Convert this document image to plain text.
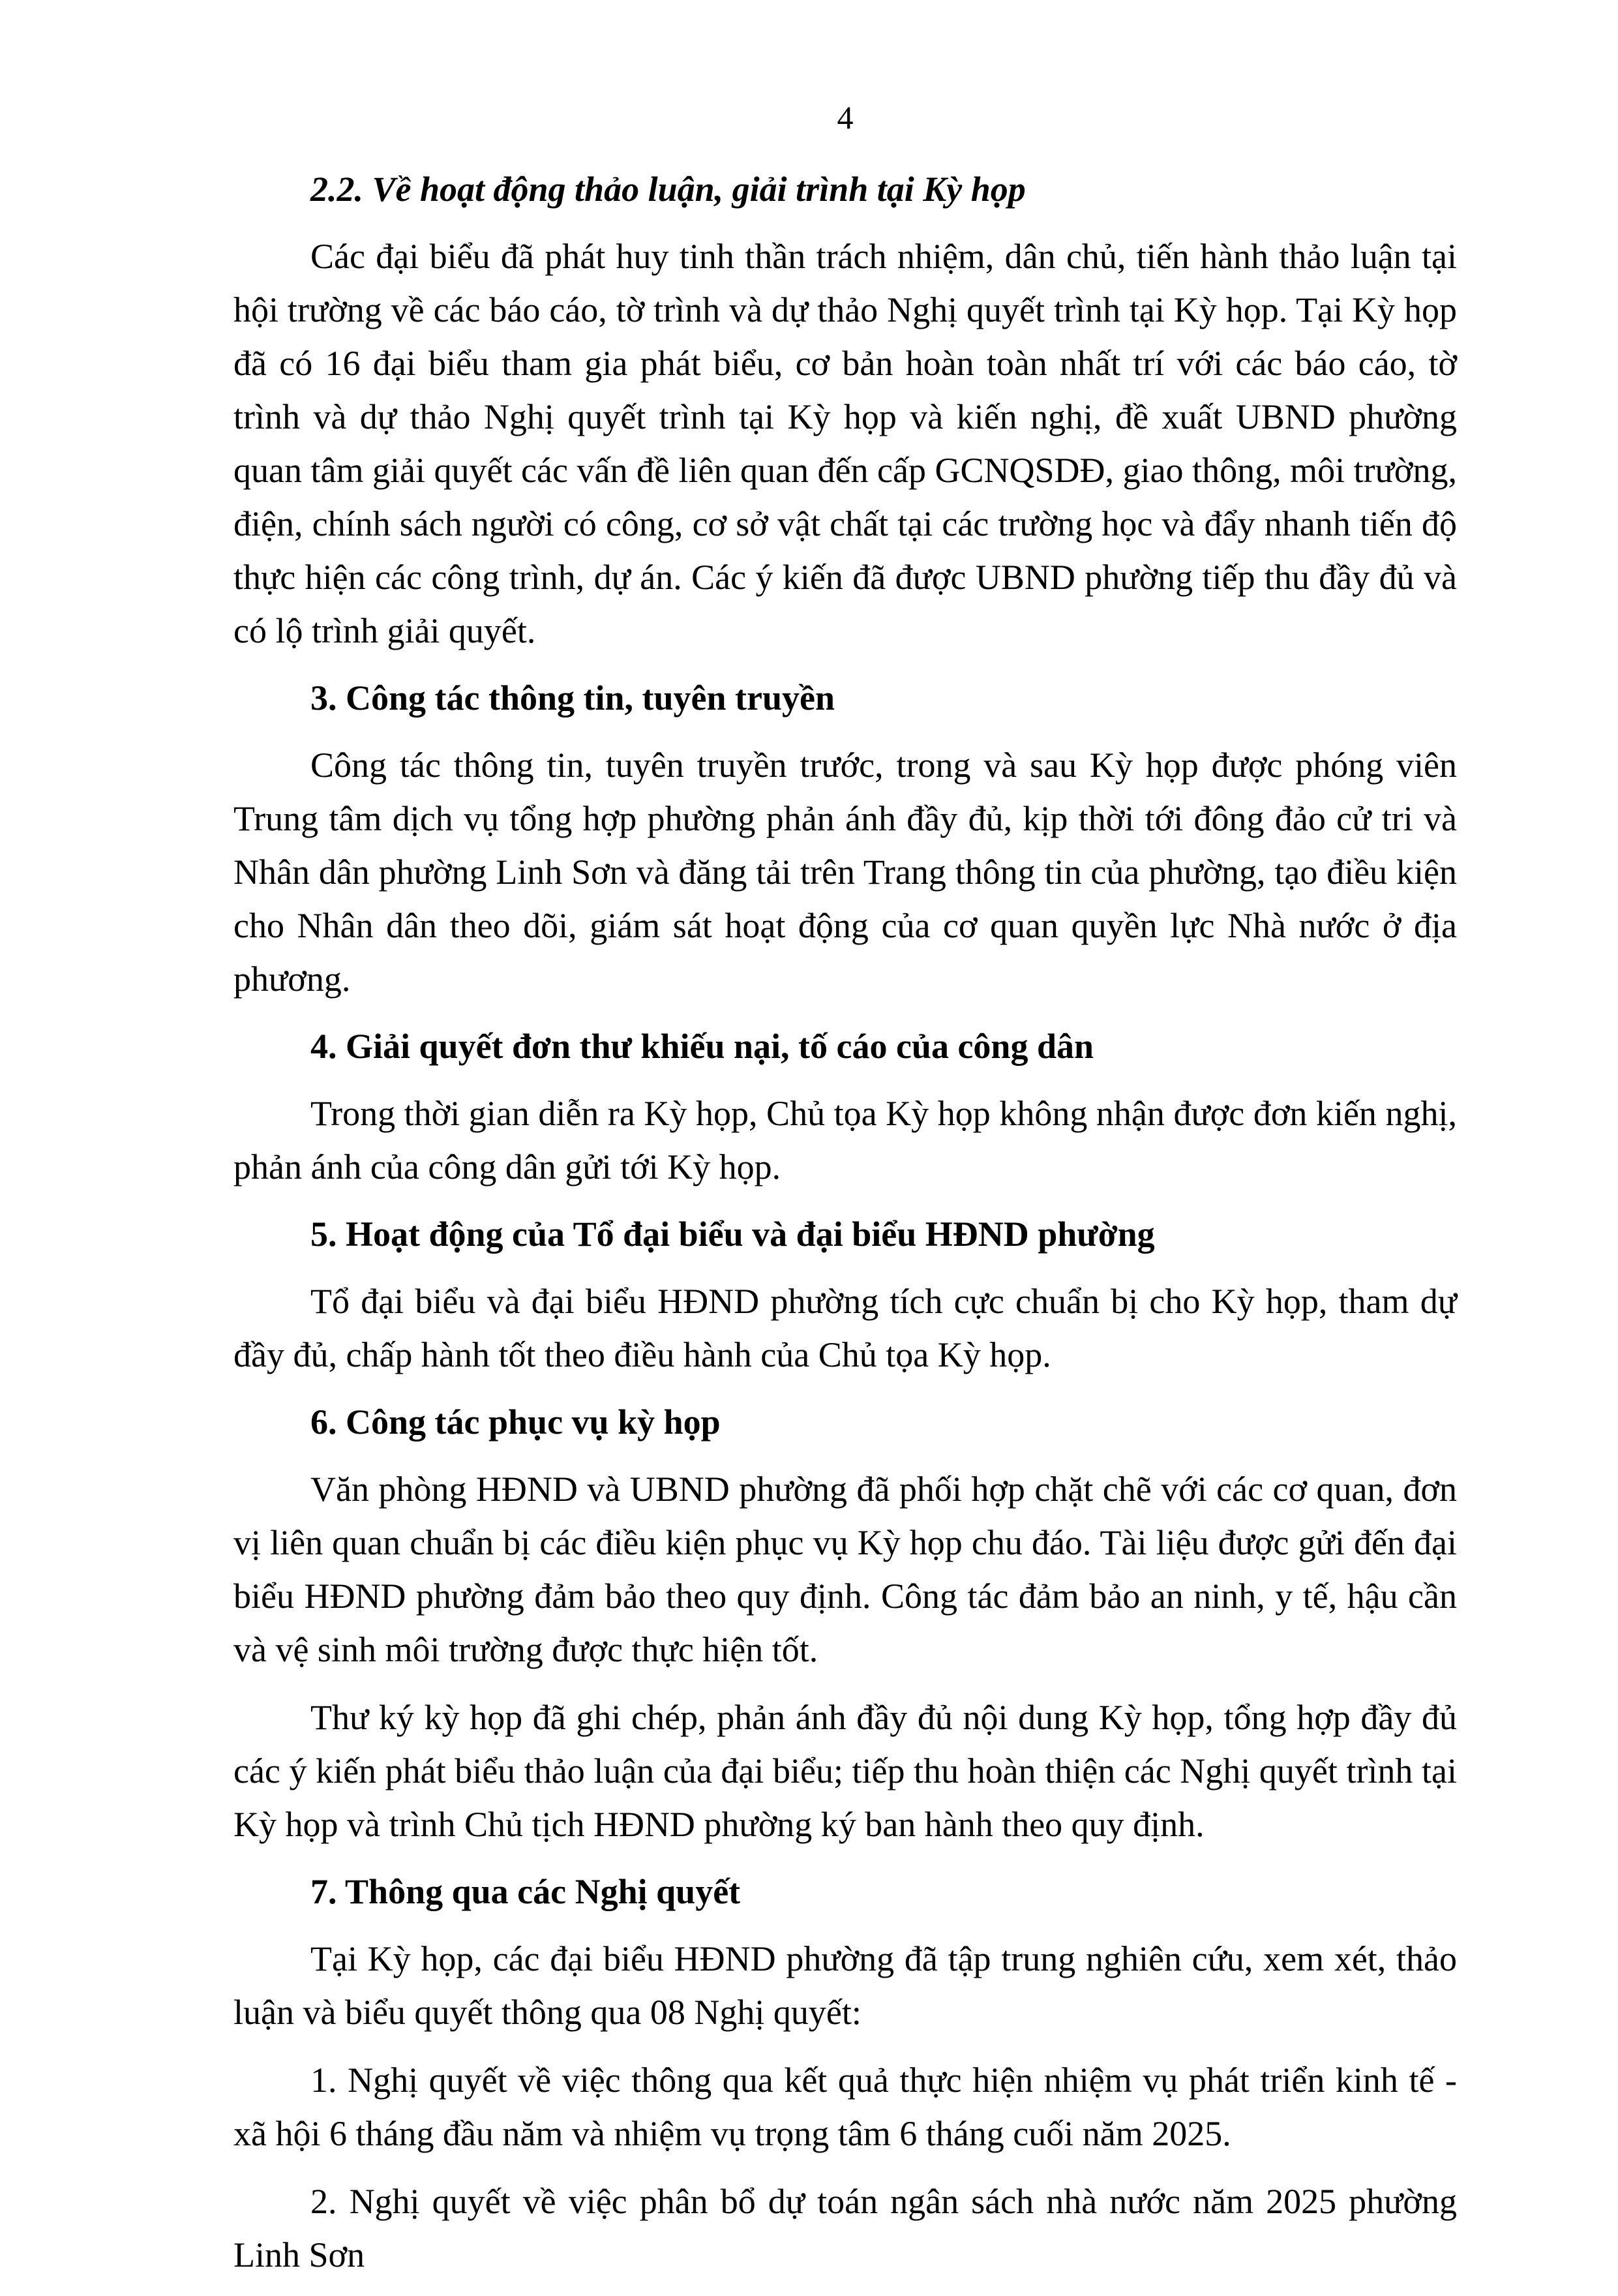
4
2.2. Về hoạt động thảo luận, giải trình tại Kỳ họp

Các đại biểu đã phát huy tinh thần trách nhiệm, dân chủ, tiến hành thảo luận tại hội trường về các báo cáo, tờ trình và dự thảo Nghị quyết trình tại Kỳ họp. Tại Kỳ họp đã có 16 đại biểu tham gia phát biểu, cơ bản hoàn toàn nhất trí với các báo cáo, tờ trình và dự thảo Nghị quyết trình tại Kỳ họp và kiến nghị, đề xuất UBND phường quan tâm giải quyết các vấn đề liên quan đến cấp GCNQSDĐ, giao thông, môi trường, điện, chính sách người có công, cơ sở vật chất tại các trường học và đẩy nhanh tiến độ thực hiện các công trình, dự án. Các ý kiến đã được UBND phường tiếp thu đầy đủ và có lộ trình giải quyết.

3. Công tác thông tin, tuyên truyền

Công tác thông tin, tuyên truyền trước, trong và sau Kỳ họp được phóng viên Trung tâm dịch vụ tổng hợp phường phản ánh đầy đủ, kịp thời tới đông đảo cử tri và Nhân dân phường Linh Sơn và đăng tải trên Trang thông tin của phường, tạo điều kiện cho Nhân dân theo dõi, giám sát hoạt động của cơ quan quyền lực Nhà nước ở địa phương.

4. Giải quyết đơn thư khiếu nại, tố cáo của công dân

Trong thời gian diễn ra Kỳ họp, Chủ tọa Kỳ họp không nhận được đơn kiến nghị, phản ánh của công dân gửi tới Kỳ họp.

5. Hoạt động của Tổ đại biểu và đại biểu HĐND phường

Tổ đại biểu và đại biểu HĐND phường tích cực chuẩn bị cho Kỳ họp, tham dự đầy đủ, chấp hành tốt theo điều hành của Chủ tọa Kỳ họp.

6. Công tác phục vụ kỳ họp

Văn phòng HĐND và UBND phường đã phối hợp chặt chẽ với các cơ quan, đơn vị liên quan chuẩn bị các điều kiện phục vụ Kỳ họp chu đáo. Tài liệu được gửi đến đại biểu HĐND phường đảm bảo theo quy định. Công tác đảm bảo an ninh, y tế, hậu cần và vệ sinh môi trường được thực hiện tốt.

Thư ký kỳ họp đã ghi chép, phản ánh đầy đủ nội dung Kỳ họp, tổng hợp đầy đủ các ý kiến phát biểu thảo luận của đại biểu; tiếp thu hoàn thiện các Nghị quyết trình tại Kỳ họp và trình Chủ tịch HĐND phường ký ban hành theo quy định.

7. Thông qua các Nghị quyết

Tại Kỳ họp, các đại biểu HĐND phường đã tập trung nghiên cứu, xem xét, thảo luận và biểu quyết thông qua 08 Nghị quyết:

1. Nghị quyết về việc thông qua kết quả thực hiện nhiệm vụ phát triển kinh tế - xã hội 6 tháng đầu năm và nhiệm vụ trọng tâm 6 tháng cuối năm 2025.

2. Nghị quyết về việc phân bổ dự toán ngân sách nhà nước năm 2025 phường Linh Sơn
